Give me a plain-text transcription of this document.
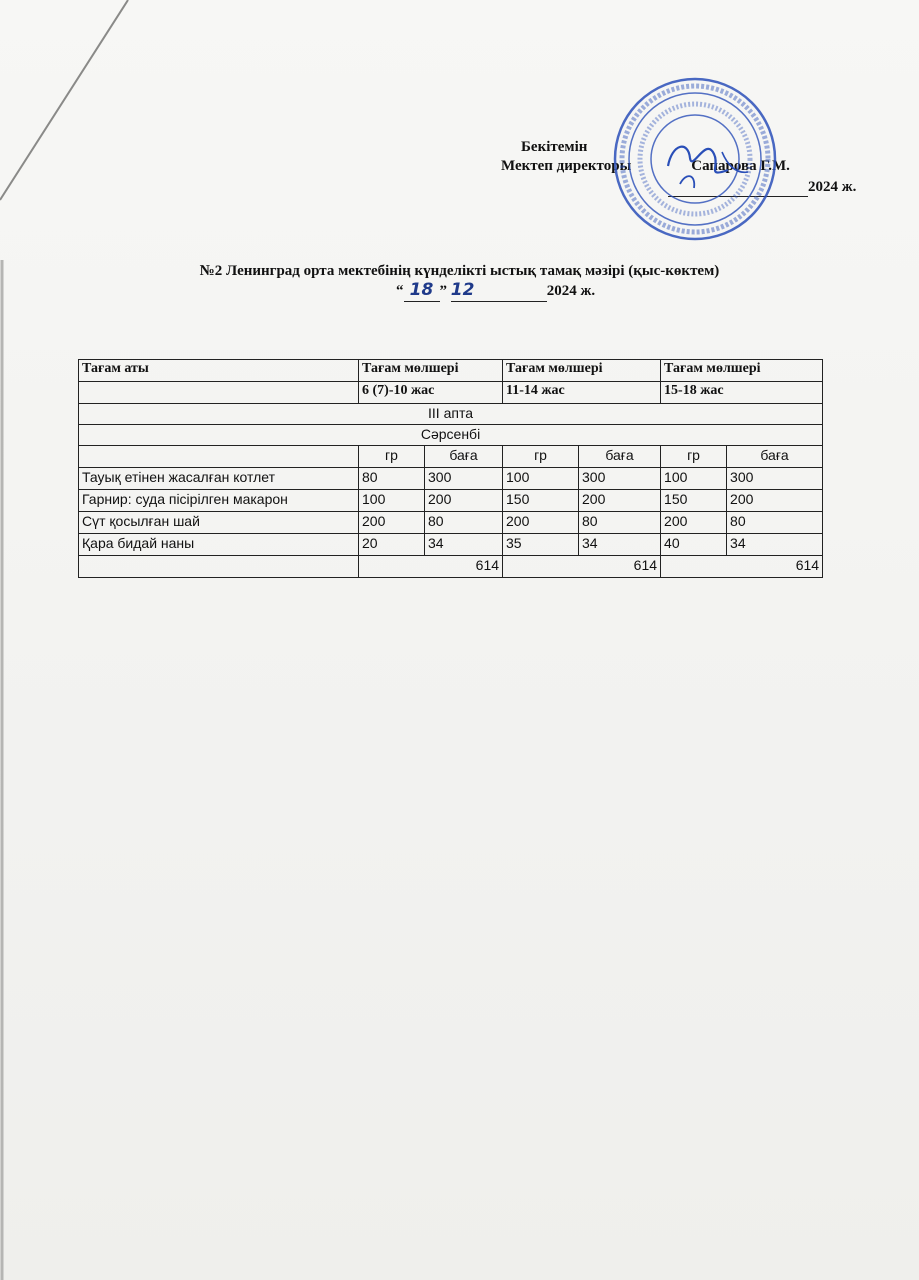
Бекітемін
Мектеп директоры	Сапарова Г.М.
2024 ж.
№2 Ленинград орта мектебінің күнделікті ыстық тамақ мәзірі (қыс-көктем)
“ 18 ” 12	2024 ж.
Тағам аты	Тағам мөлшері		Тағам мөлшері		Тағам мөлшері	
	6 (7)-10 жас		11-14 жас		15-18 жас	
III апта						
Сәрсенбі						
	гр	баға	гр	баға	гр	баға
Тауық етінен жасалған котлет	80	300	100	300	100	300
Гарнир: суда пісірілген макарон	100	200	150	200	150	200
Сүт қосылған шай	200	80	200	80	200	80
Қара бидай наны	20	34	35	34	40	34
	614		614		614	
